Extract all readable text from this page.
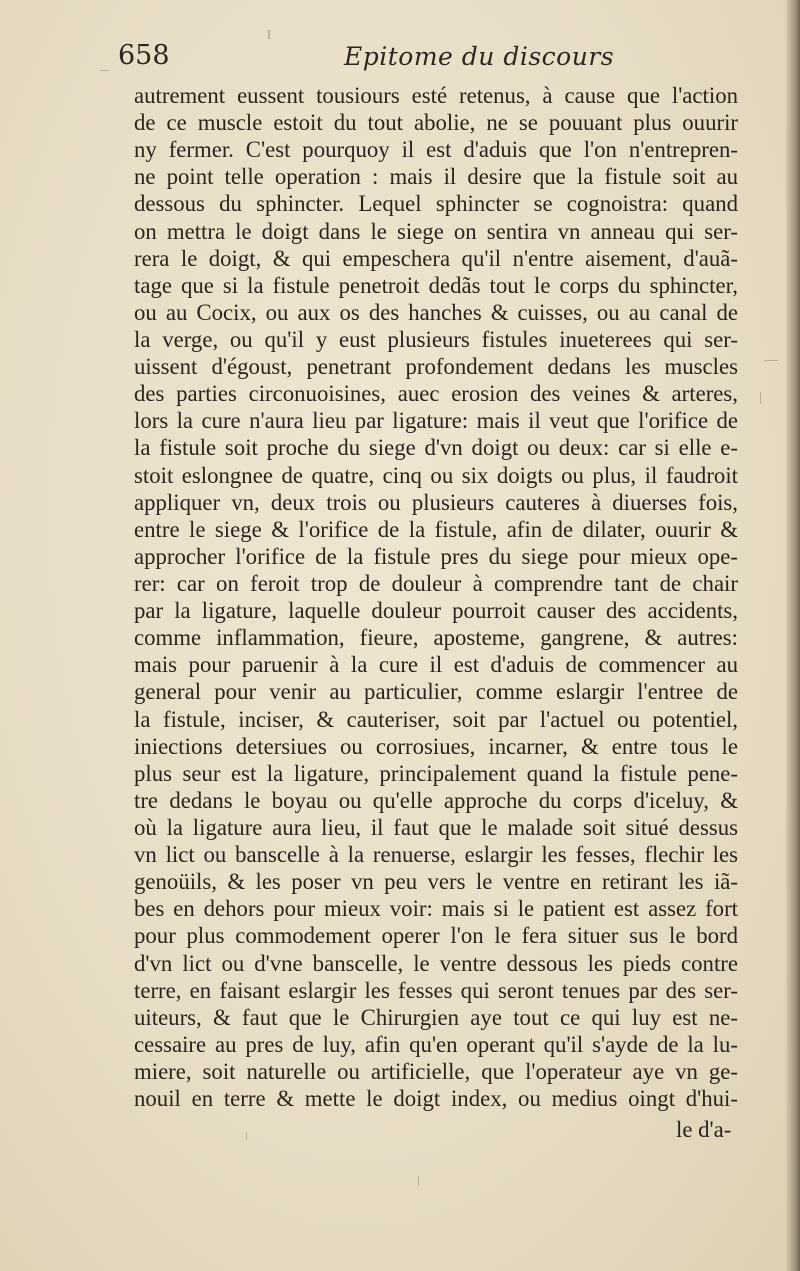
658	Epitome du discours
autrement eussent tousiours esté retenus, à cause que l'action
de ce muscle estoit du tout abolie, ne se pouuant plus ouurir
ny fermer. C'est pourquoy il est d'aduis que l'on n'entrepren-
ne point telle operation : mais il desire que la fistule soit au
dessous du sphincter. Lequel sphincter se cognoistra: quand
on mettra le doigt dans le siege on sentira vn anneau qui ser-
rera le doigt, & qui empeschera qu'il n'entre aisement, d'auã-
tage que si la fistule penetroit dedãs tout le corps du sphincter,
ou au Cocix, ou aux os des hanches & cuisses, ou au canal de
la verge, ou qu'il y eust plusieurs fistules inueterees qui ser-
uissent d'égoust, penetrant profondement dedans les muscles
des parties circonuoisines, auec erosion des veines & arteres,
lors la cure n'aura lieu par ligature: mais il veut que l'orifice de
la fistule soit proche du siege d'vn doigt ou deux: car si elle e-
stoit eslongnee de quatre, cinq ou six doigts ou plus, il faudroit
appliquer vn, deux trois ou plusieurs cauteres à diuerses fois,
entre le siege & l'orifice de la fistule, afin de dilater, ouurir &
approcher l'orifice de la fistule pres du siege pour mieux ope-
rer: car on feroit trop de douleur à comprendre tant de chair
par la ligature, laquelle douleur pourroit causer des accidents,
comme inflammation, fieure, aposteme, gangrene, & autres:
mais pour paruenir à la cure il est d'aduis de commencer au
general pour venir au particulier, comme eslargir l'entree de
la fistule, inciser, & cauteriser, soit par l'actuel ou potentiel,
iniections detersiues ou corrosiues, incarner, & entre tous le
plus seur est la ligature, principalement quand la fistule pene-
tre dedans le boyau ou qu'elle approche du corps d'iceluy, &
où la ligature aura lieu, il faut que le malade soit situé dessus
vn lict ou banscelle à la renuerse, eslargir les fesses, flechir les
genoüils, & les poser vn peu vers le ventre en retirant les iã-
bes en dehors pour mieux voir: mais si le patient est assez fort
pour plus commodement operer l'on le fera situer sus le bord
d'vn lict ou d'vne banscelle, le ventre dessous les pieds contre
terre, en faisant eslargir les fesses qui seront tenues par des ser-
uiteurs, & faut que le Chirurgien aye tout ce qui luy est ne-
cessaire au pres de luy, afin qu'en operant qu'il s'ayde de la lu-
miere, soit naturelle ou artificielle, que l'operateur aye vn ge-
nouil en terre & mette le doigt index, ou medius oingt d'hui-
le d'a-
